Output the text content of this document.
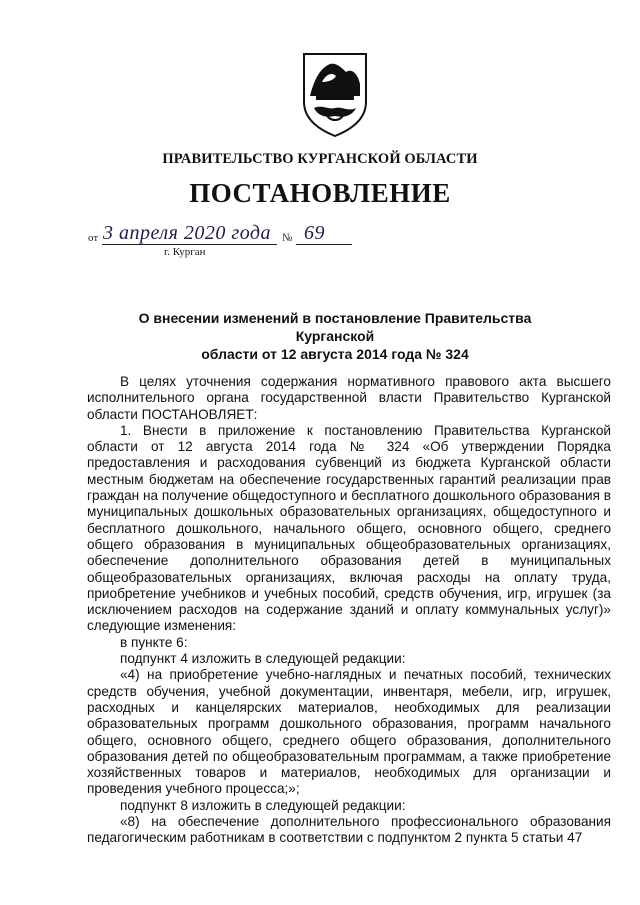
ПРАВИТЕЛЬСТВО КУРГАНСКОЙ ОБЛАСТИ
ПОСТАНОВЛЕНИЕ
от 3 апреля 2020 года № 69
г. Курган
О внесении изменений в постановление Правительства Курганской
области от 12 августа 2014 года № 324

В целях уточнения содержания нормативного правового акта высшего исполнительного органа государственной власти Правительство Курганской области ПОСТАНОВЛЯЕТ:

1. Внести в приложение к постановлению Правительства Курганской области от 12 августа 2014 года № 324 «Об утверждении Порядка предоставления и расходования субвенций из бюджета Курганской области местным бюджетам на обеспечение государственных гарантий реализации прав граждан на получение общедоступного и бесплатного дошкольного образования в муниципальных дошкольных образовательных организациях, общедоступного и бесплатного дошкольного, начального общего, основного общего, среднего общего образования в муниципальных общеобразовательных организациях, обеспечение дополнительного образования детей в муниципальных общеобразовательных организациях, включая расходы на оплату труда, приобретение учебников и учебных пособий, средств обучения, игр, игрушек (за исключением расходов на содержание зданий и оплату коммунальных услуг)» следующие изменения:

в пункте 6:

подпункт 4 изложить в следующей редакции:

«4) на приобретение учебно-наглядных и печатных пособий, технических средств обучения, учебной документации, инвентаря, мебели, игр, игрушек, расходных и канцелярских материалов, необходимых для реализации образовательных программ дошкольного образования, программ начального общего, основного общего, среднего общего образования, дополнительного образования детей по общеобразовательным программам, а также приобретение хозяйственных товаров и материалов, необходимых для организации и проведения учебного процесса;»;

подпункт 8 изложить в следующей редакции:

«8) на обеспечение дополнительного профессионального образования педагогическим работникам в соответствии с подпунктом 2 пункта 5 статьи 47
